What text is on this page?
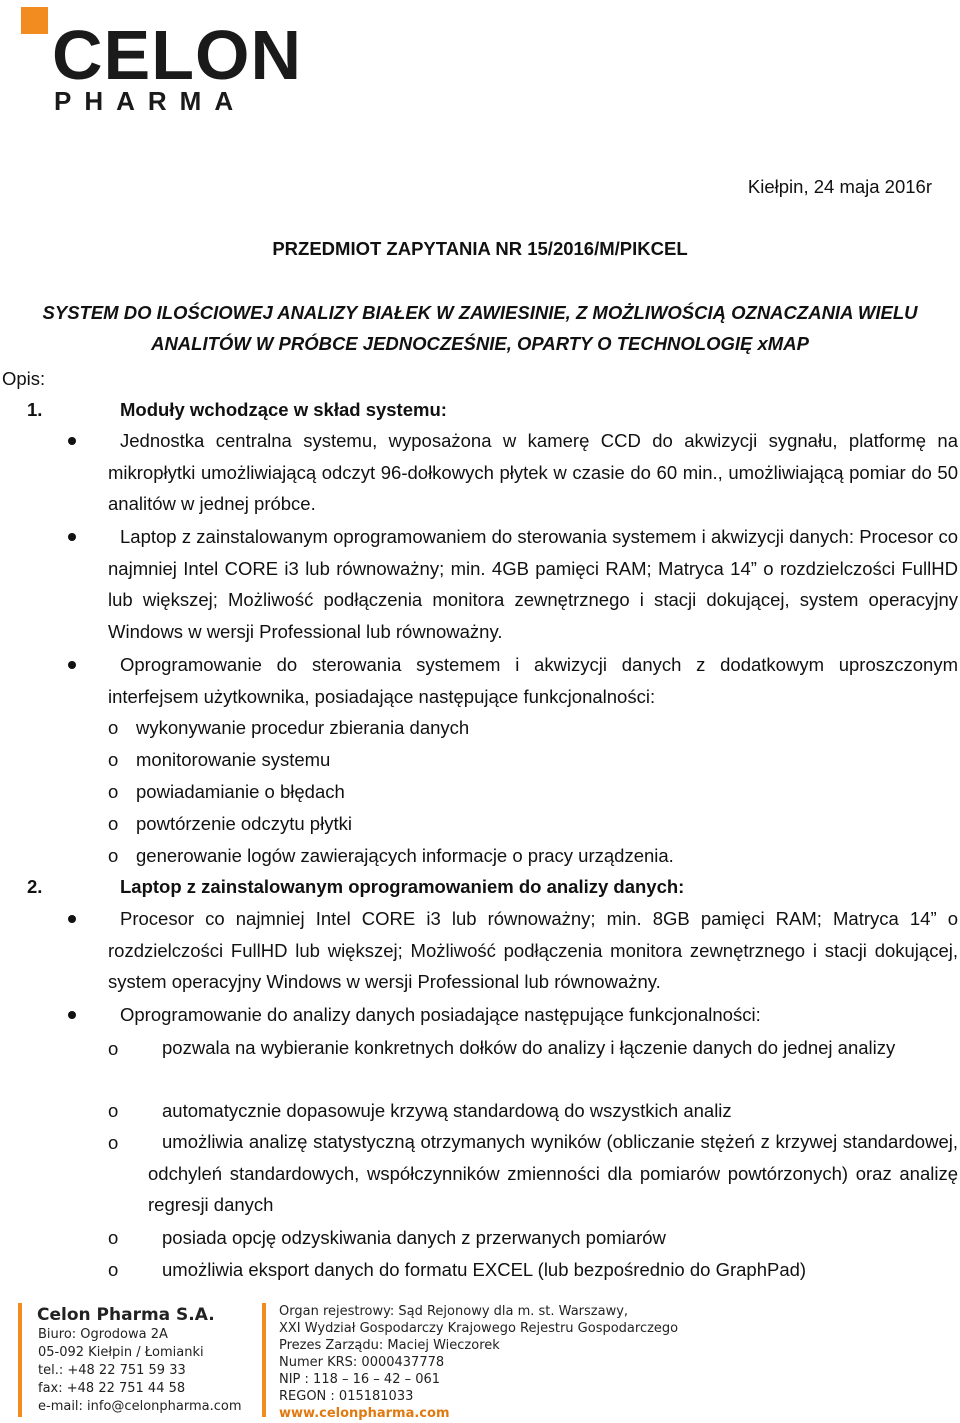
CELON
PHARMA
Kiełpin, 24 maja 2016r
PRZEDMIOT ZAPYTANIA NR 15/2016/M/PIKCEL
SYSTEM DO ILOŚCIOWEJ ANALIZY BIAŁEK W ZAWIESINIE, Z MOŻLIWOŚCIĄ OZNACZANIA WIELU
ANALITÓW W PRÓBCE JEDNOCZEŚNIE, OPARTY O TECHNOLOGIĘ xMAP
Opis:
1.	Moduły wchodzące w skład systemu:
Jednostka centralna systemu, wyposażona w kamerę CCD do akwizycji sygnału, platformę na mikropłytki umożliwiającą odczyt 96-dołkowych płytek w czasie do 60 min., umożliwiającą pomiar do 50 analitów w jednej próbce.
Laptop z zainstalowanym oprogramowaniem do sterowania systemem i akwizycji danych: Procesor co najmniej Intel CORE i3 lub równoważny; min. 4GB pamięci RAM; Matryca 14” o rozdzielczości FullHD lub większej; Możliwość podłączenia monitora zewnętrznego i stacji dokującej, system operacyjny Windows w wersji Professional lub równoważny.
Oprogramowanie do sterowania systemem i akwizycji danych z dodatkowym uproszczonym interfejsem użytkownika, posiadające następujące funkcjonalności:
o wykonywanie procedur zbierania danych
o monitorowanie systemu
o powiadamianie o błędach
o powtórzenie odczytu płytki
o generowanie logów zawierających informacje o pracy urządzenia.
2.	Laptop z zainstalowanym oprogramowaniem do analizy danych:
Procesor co najmniej Intel CORE i3 lub równoważny; min. 8GB pamięci RAM; Matryca 14” o rozdzielczości FullHD lub większej; Możliwość podłączenia monitora zewnętrznego i stacji dokującej, system operacyjny Windows w wersji Professional lub równoważny.
Oprogramowanie do analizy danych posiadające następujące funkcjonalności:
o	pozwala na wybieranie konkretnych dołków do analizy i łączenie danych do jednej analizy
o automatycznie dopasowuje krzywą standardową do wszystkich analiz
o	umożliwia analizę statystyczną otrzymanych wyników (obliczanie stężeń z krzywej standardowej, odchyleń standardowych, współczynników zmienności dla pomiarów powtórzonych) oraz analizę regresji danych
o posiada opcję odzyskiwania danych z przerwanych pomiarów
o umożliwia eksport danych do formatu EXCEL (lub bezpośrednio do GraphPad)
Celon Pharma S.A.
Biuro: Ogrodowa 2A
05-092 Kiełpin / Łomianki
tel.: +48 22 751 59 33
fax: +48 22 751 44 58
e-mail: info@celonpharma.com
Organ rejestrowy: Sąd Rejonowy dla m. st. Warszawy,
XXI Wydział Gospodarczy Krajowego Rejestru Gospodarczego
Prezes Zarządu: Maciej Wieczorek
Numer KRS: 0000437778
NIP : 118 – 16 – 42 – 061
REGON : 015181033
www.celonpharma.com
